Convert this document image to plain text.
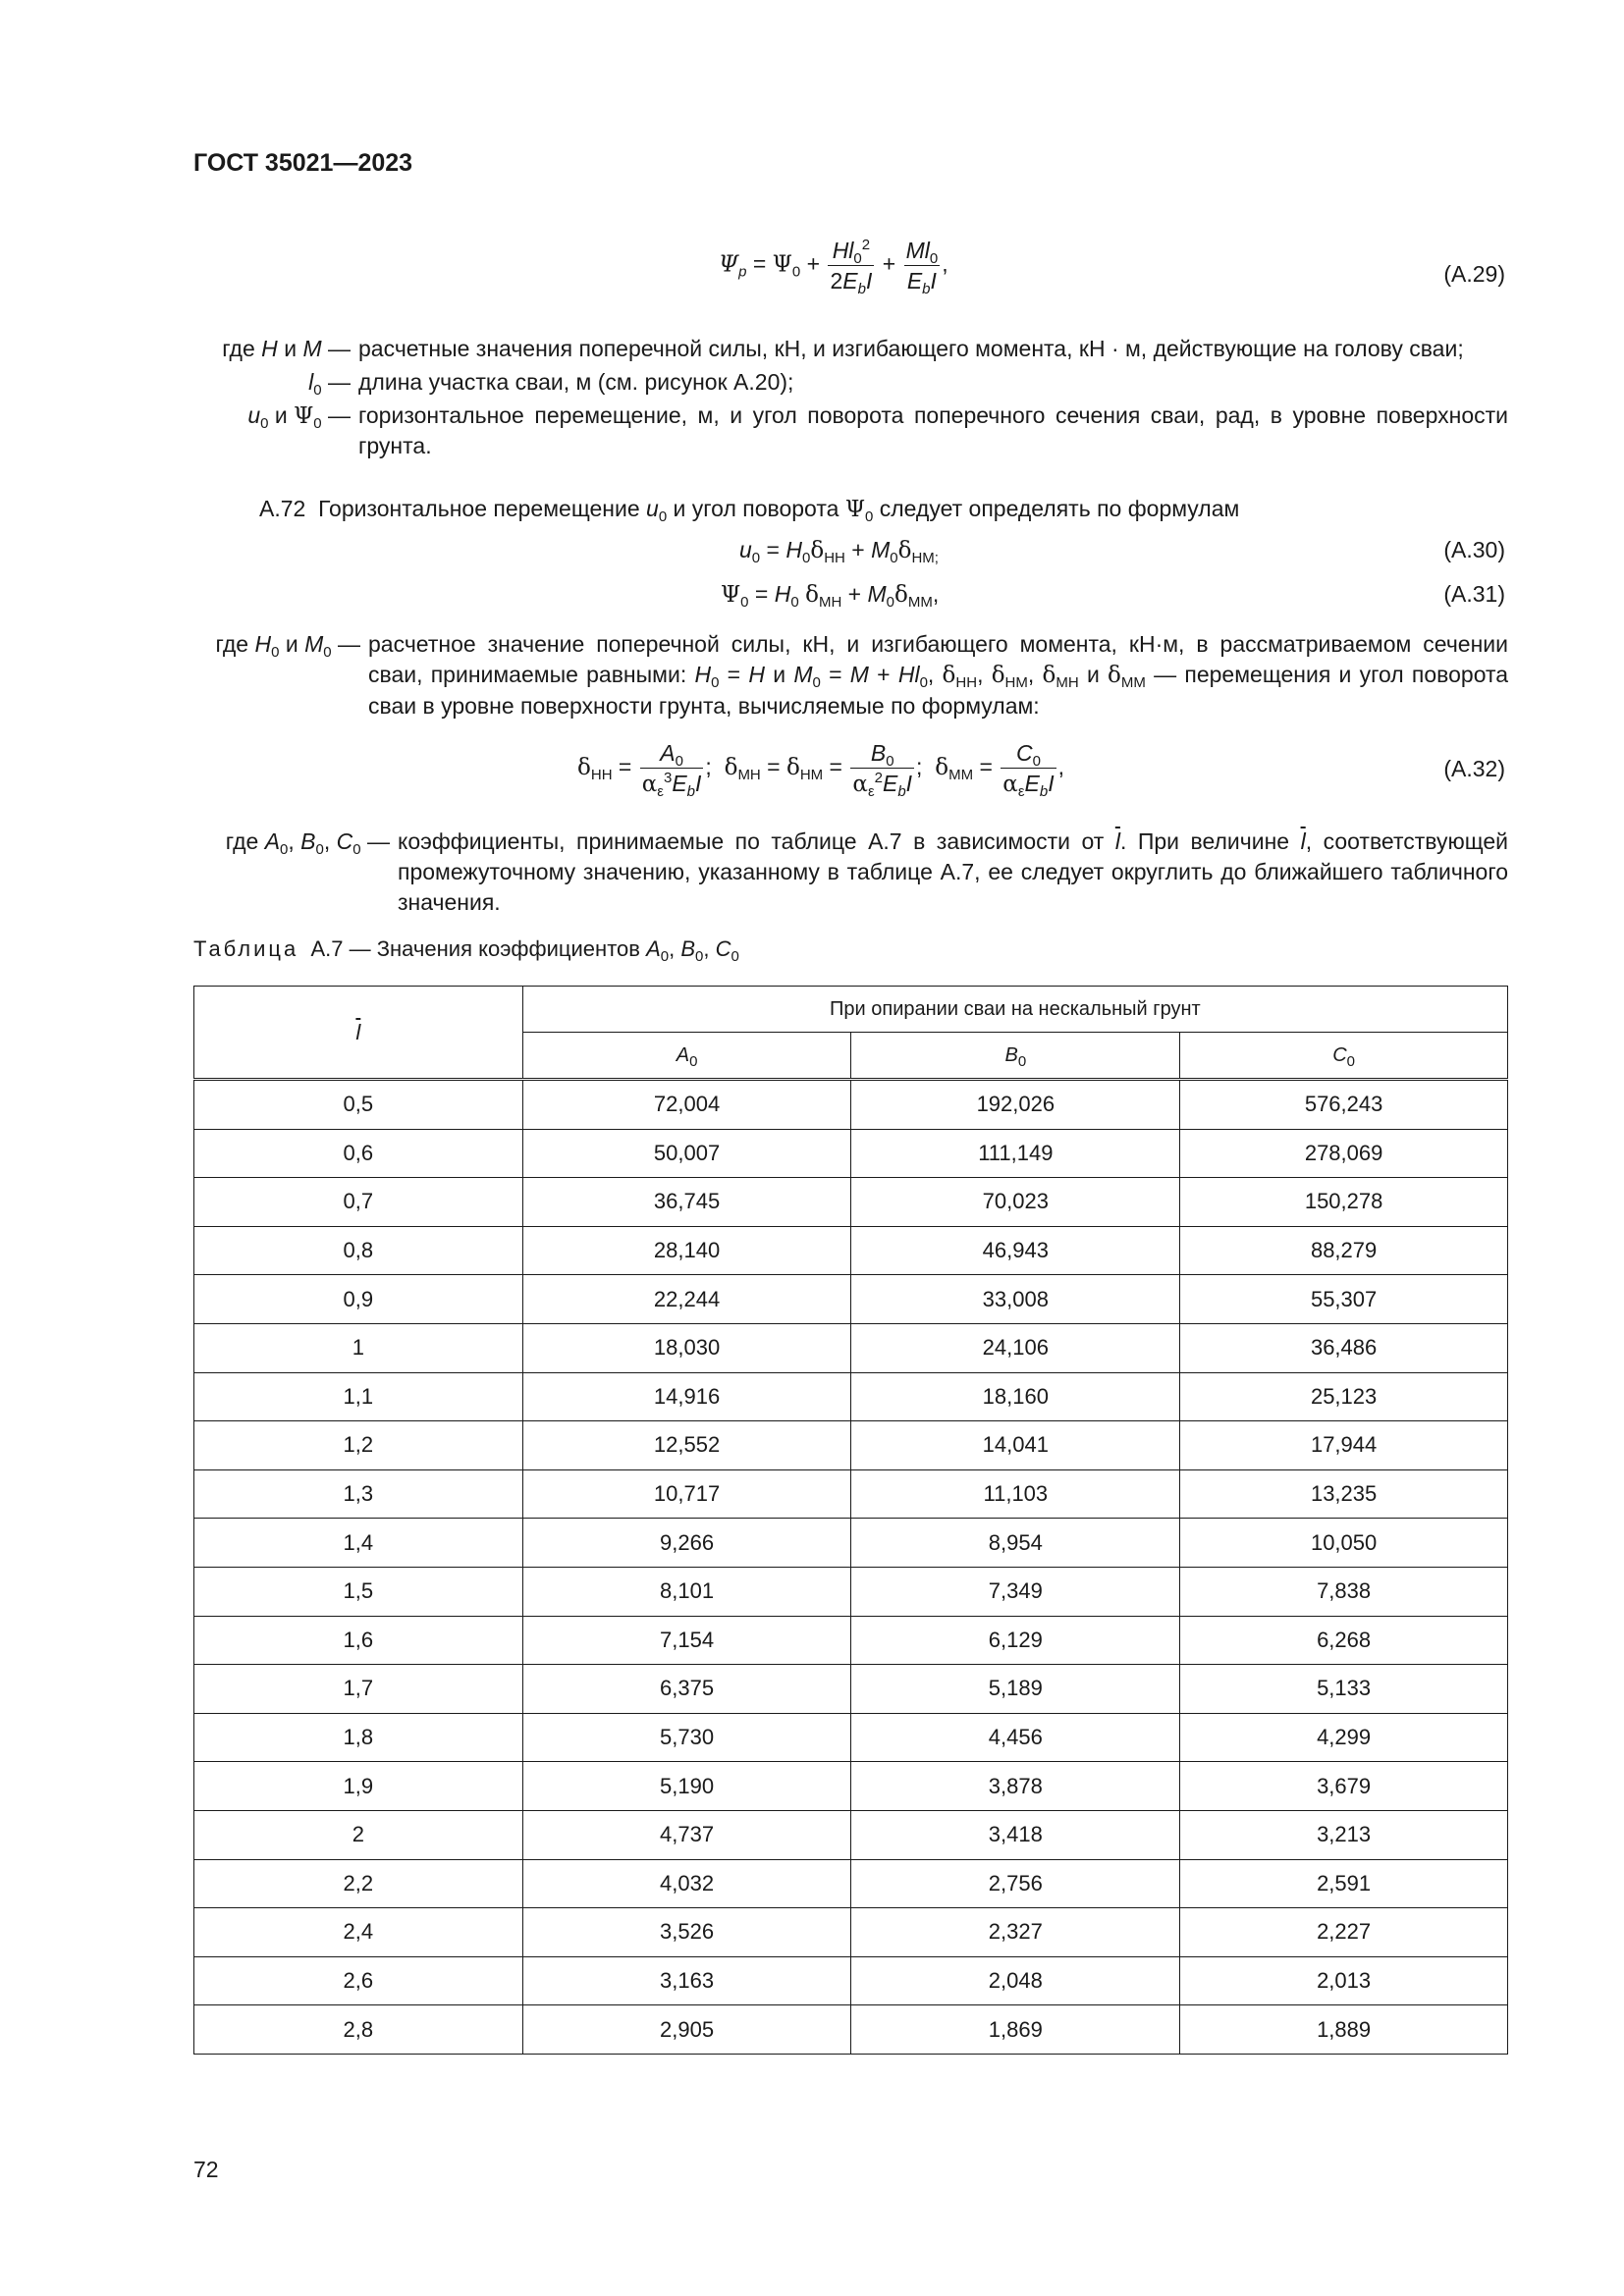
ГОСТ 35021—2023
$\Psi_p = \Psi_0 + \frac{Hl_0^2}{2E_bI} + \frac{Ml_0}{E_bI}$ ,	(А.29)
где H и M — расчетные значения поперечной силы, кН, и изгибающего момента, кН · м, действующие на голову сваи;
$l_0$ — длина участка сваи, м (см. рисунок А.20);
$u_0$ и $\Psi_0$ — горизонтальное перемещение, м, и угол поворота поперечного сечения сваи, рад, в уровне поверхности грунта.
А.72 Горизонтальное перемещение $u_0$ и угол поворота $\Psi_0$ следует определять по формулам
$u_0 = H_0\delta_{НН} + M_0\delta_{НМ;}$	(А.30)
$\Psi_0 = H_0$ $\delta_{МН} + M_0\delta_{ММ}$,	(А.31)
где $H_0$ и $M_0$ — расчетное значение поперечной силы, кН, и изгибающего момента, кН·м, в рассматриваемом сечении сваи, принимаемые равными: $H_0 = H$ и $M_0 = M + Hl_0$, $\delta_{НН}$, $\delta_{НМ}$, $\delta_{МН}$ и $\delta_{ММ}$ — перемещения и угол поворота сваи в уровне поверхности грунта, вычисляемые по формулам:
$\delta_{НН} = \frac{A_0}{\alpha_\varepsilon^3E_bI}$ ;  $\delta_{МН} = \delta_{НМ} = \frac{B_0}{\alpha_\varepsilon^2E_bI}$ ;  $\delta_{ММ} = \frac{C_0}{\alpha_\varepsilon E_bI}$ ,	(А.32)
где $A_0$, $B_0$, $C_0$ — коэффициенты, принимаемые по таблице А.7 в зависимости от $\overline{l}$. При величине $\overline{l}$, соответствующей промежуточному значению, указанному в таблице А.7, ее следует округлить до ближайшего табличного значения.
Таблица А.7 — Значения коэффициентов $A_0$, $B_0$, $C_0$
$\overline{l}$	При опирании сваи на нескальный грунт		
	$A_0$	$B_0$	$C_0$
0,5	72,004	192,026	576,243
0,6	50,007	111,149	278,069
0,7	36,745	70,023	150,278
0,8	28,140	46,943	88,279
0,9	22,244	33,008	55,307
1	18,030	24,106	36,486
1,1	14,916	18,160	25,123
1,2	12,552	14,041	17,944
1,3	10,717	11,103	13,235
1,4	9,266	8,954	10,050
1,5	8,101	7,349	7,838
1,6	7,154	6,129	6,268
1,7	6,375	5,189	5,133
1,8	5,730	4,456	4,299
1,9	5,190	3,878	3,679
2	4,737	3,418	3,213
2,2	4,032	2,756	2,591
2,4	3,526	2,327	2,227
2,6	3,163	2,048	2,013
2,8	2,905	1,869	1,889
72
